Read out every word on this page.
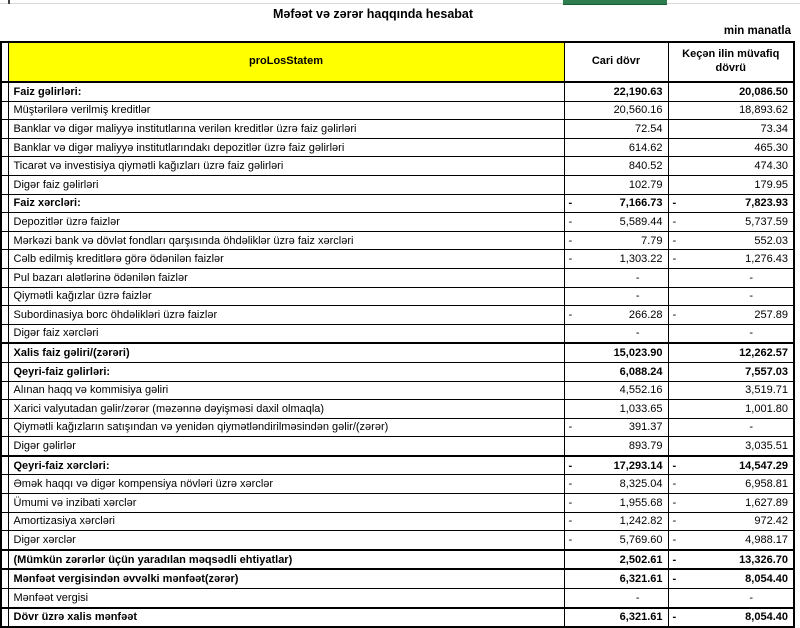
Məfəət və zərər haqqında hesabat
min manatla
	proLosStatem	Cari dövr	Keçən ilin müvafiq dövrü
	Faiz gəlirləri:	22,190.63	20,086.50
	Müştərilərə verilmiş kreditlər	20,560.16	18,893.62
	Banklar və digər maliyyə institutlarına verilən kreditlər üzrə faiz gəlirləri	72.54	73.34
	Banklar və digər maliyyə institutlarındakı depozitlər üzrə faiz gəlirləri	614.62	465.30
	Ticarət və investisiya qiymətli kağızları üzrə faiz gəlirləri	840.52	474.30
	Digər faiz gəlirləri	102.79	179.95
	Faiz xərcləri:	- 7,166.73	- 7,823.93
	Depozitlər üzrə faizlər	- 5,589.44	- 5,737.59
	Mərkəzi bank və dövlət fondları qarşısında öhdəliklər üzrə faiz xərcləri	- 7.79	- 552.03
	Cəlb edilmiş kreditlərə görə ödənilən faizlər	- 1,303.22	- 1,276.43
	Pul bazarı alətlərinə ödənilən faizlər	-	-
	Qiymətli kağızlar üzrə faizlər	-	-
	Subordinasiya borc öhdəlikləri üzrə faizlər	- 266.28	- 257.89
	Digər faiz xərcləri	-	-
	Xalis faiz gəliri/(zərəri)	15,023.90	12,262.57
	Qeyri-faiz gəlirləri:	6,088.24	7,557.03
	Alınan haqq və kommisiya gəliri	4,552.16	3,519.71
	Xarici valyutadan gəlir/zərər (məzənnə dəyişməsi daxil olmaqla)	1,033.65	1,001.80
	Qiymətli kağızların satışından və yenidən qiymətləndirilməsindən gəlir/(zərər)	- 391.37	-
	Digər gəlirlər	893.79	3,035.51
	Qeyri-faiz xərcləri:	- 17,293.14	- 14,547.29
	Əmək haqqı və digər kompensiya növləri üzrə xərclər	- 8,325.04	- 6,958.81
	Ümumi və inzibati xərclər	- 1,955.68	- 1,627.89
	Amortizasiya xərcləri	- 1,242.82	- 972.42
	Digər xərclər	- 5,769.60	- 4,988.17
	(Mümkün zərərlər üçün yaradılan məqsədli ehtiyatlar)	2,502.61	- 13,326.70
	Mənfəət vergisindən əvvəlki mənfəət(zərər)	6,321.61	- 8,054.40
	Mənfəət vergisi	-	-
	Dövr üzrə xalis mənfəət	6,321.61	- 8,054.40
